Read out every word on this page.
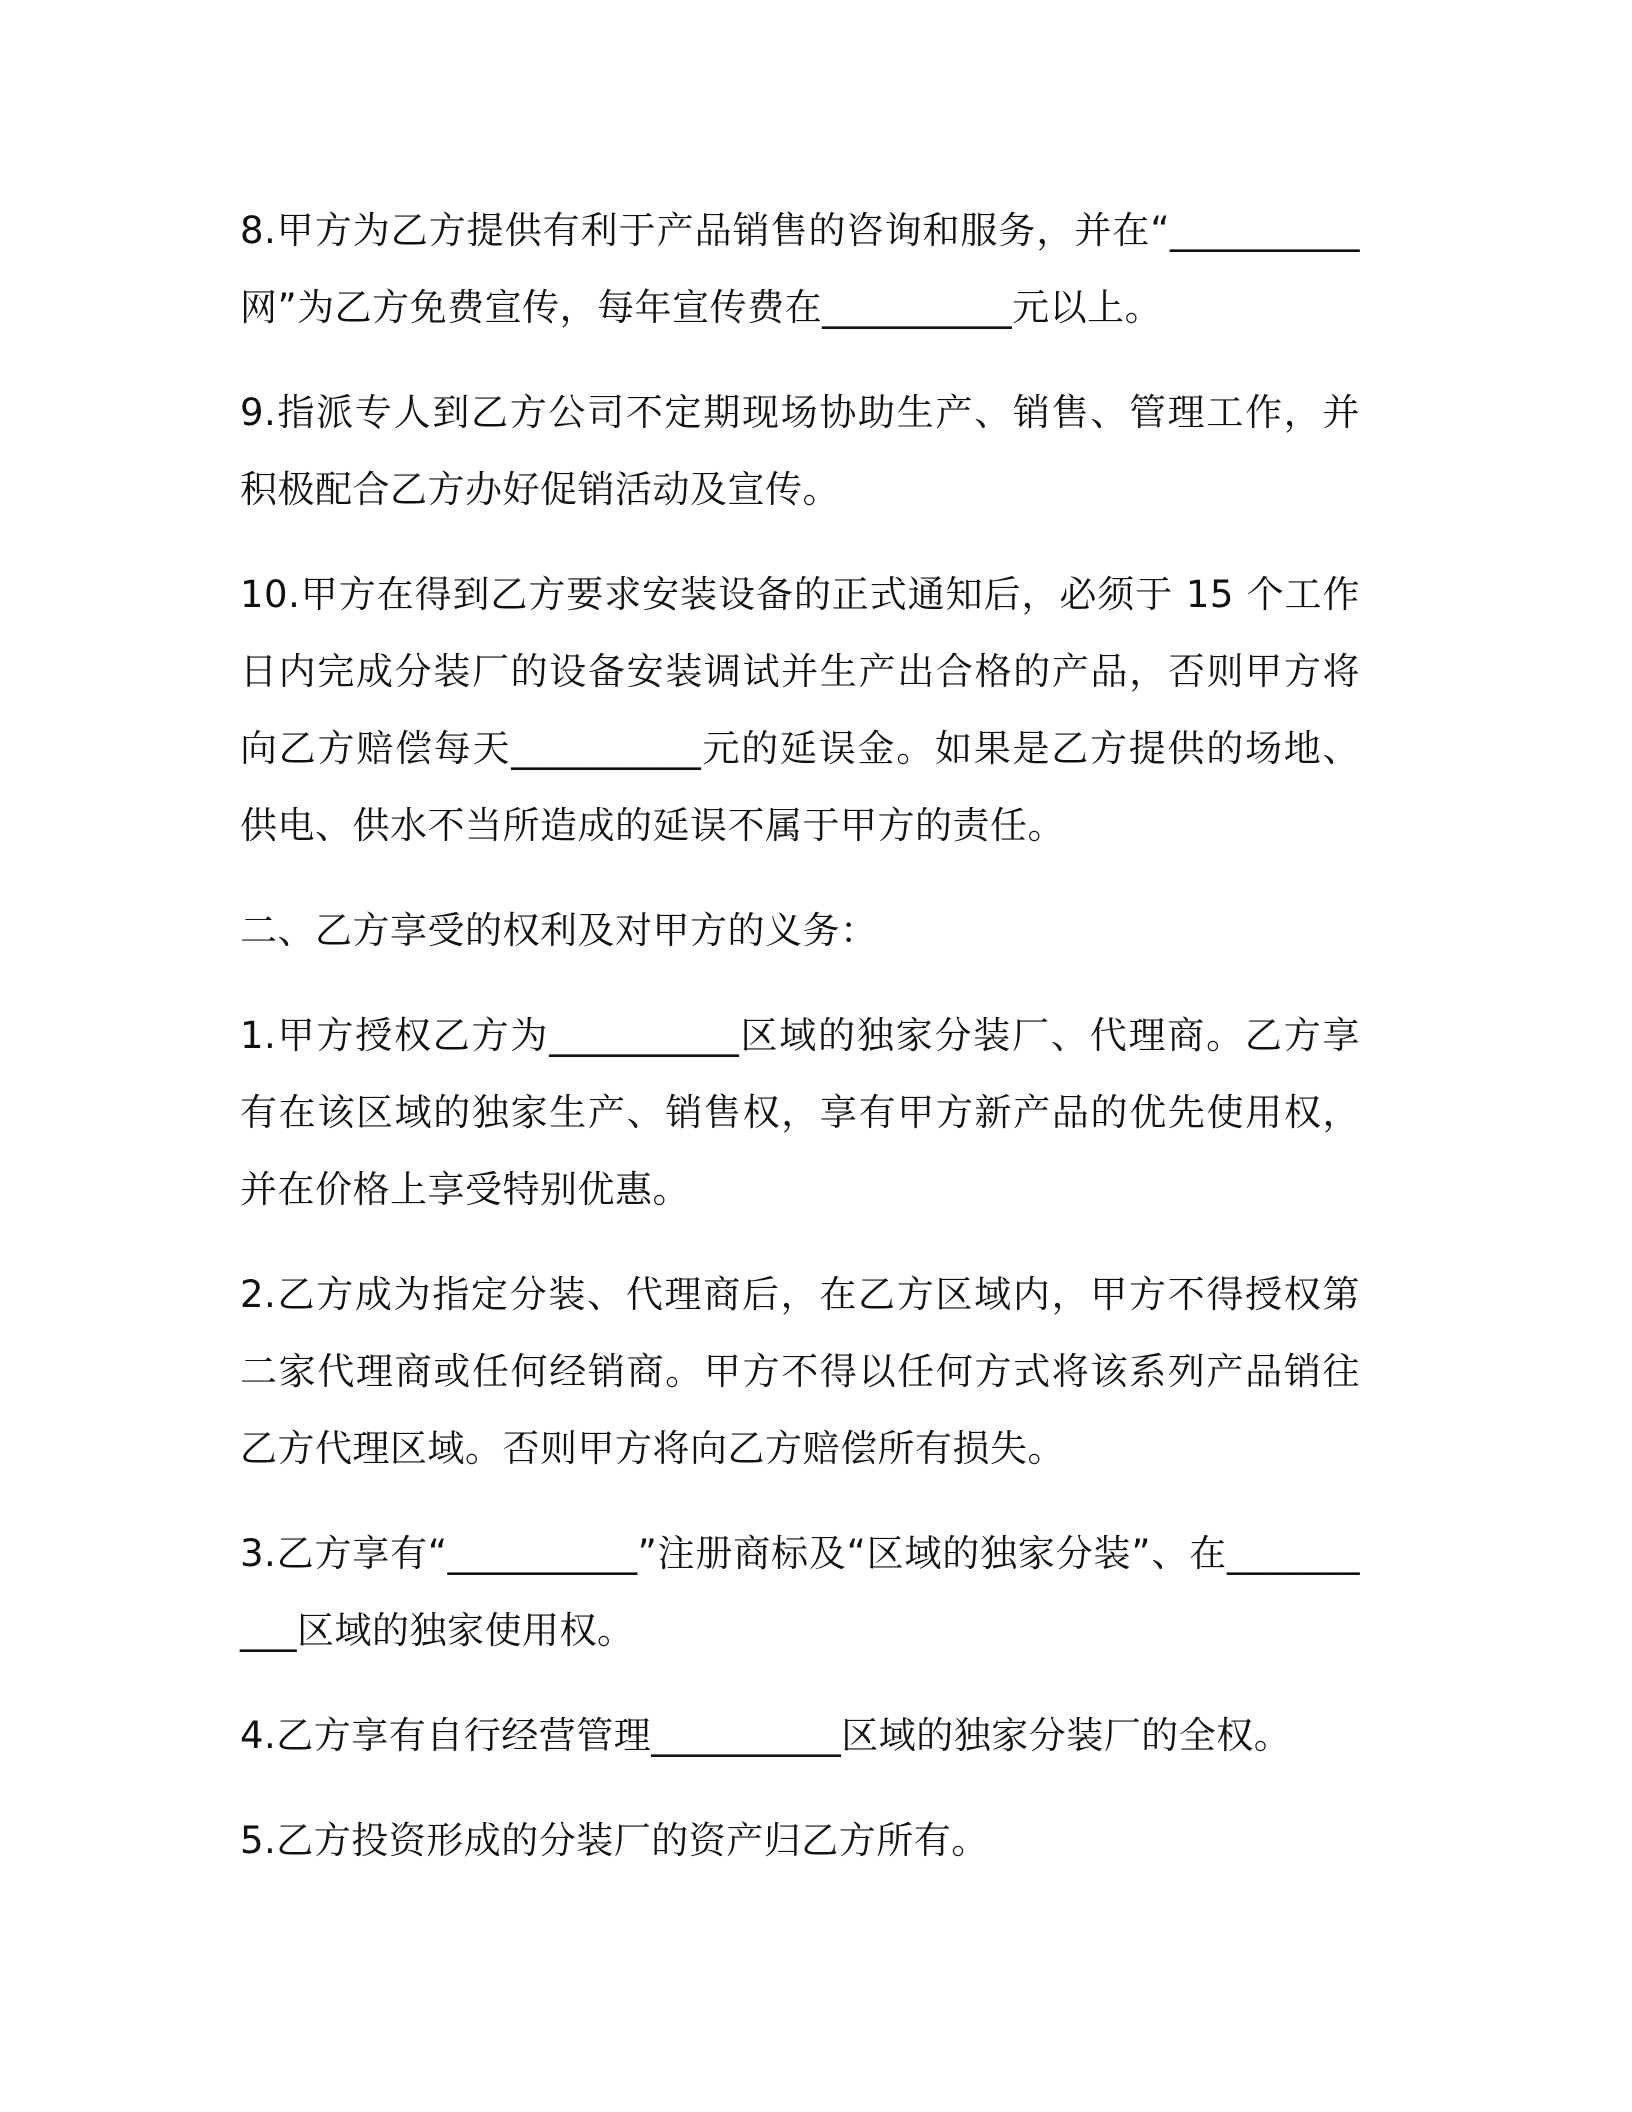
8.甲方为乙方提供有利于产品销售的咨询和服务，并在“__________网”为乙方免费宣传，每年宣传费在__________元以上。

9.指派专人到乙方公司不定期现场协助生产、销售、管理工作，并积极配合乙方办好促销活动及宣传。

10.甲方在得到乙方要求安装设备的正式通知后，必须于 15 个工作日内完成分装厂的设备安装调试并生产出合格的产品，否则甲方将向乙方赔偿每天__________元的延误金。如果是乙方提供的场地、供电、供水不当所造成的延误不属于甲方的责任。

二、乙方享受的权利及对甲方的义务：

1.甲方授权乙方为__________区域的独家分装厂、代理商。乙方享有在该区域的独家生产、销售权，享有甲方新产品的优先使用权，并在价格上享受特别优惠。

2.乙方成为指定分装、代理商后，在乙方区域内，甲方不得授权第二家代理商或任何经销商。甲方不得以任何方式将该系列产品销往乙方代理区域。否则甲方将向乙方赔偿所有损失。

3.乙方享有“__________”注册商标及“区域的独家分装”、在__________区域的独家使用权。

4.乙方享有自行经营管理__________区域的独家分装厂的全权。

5.乙方投资形成的分装厂的资产归乙方所有。
